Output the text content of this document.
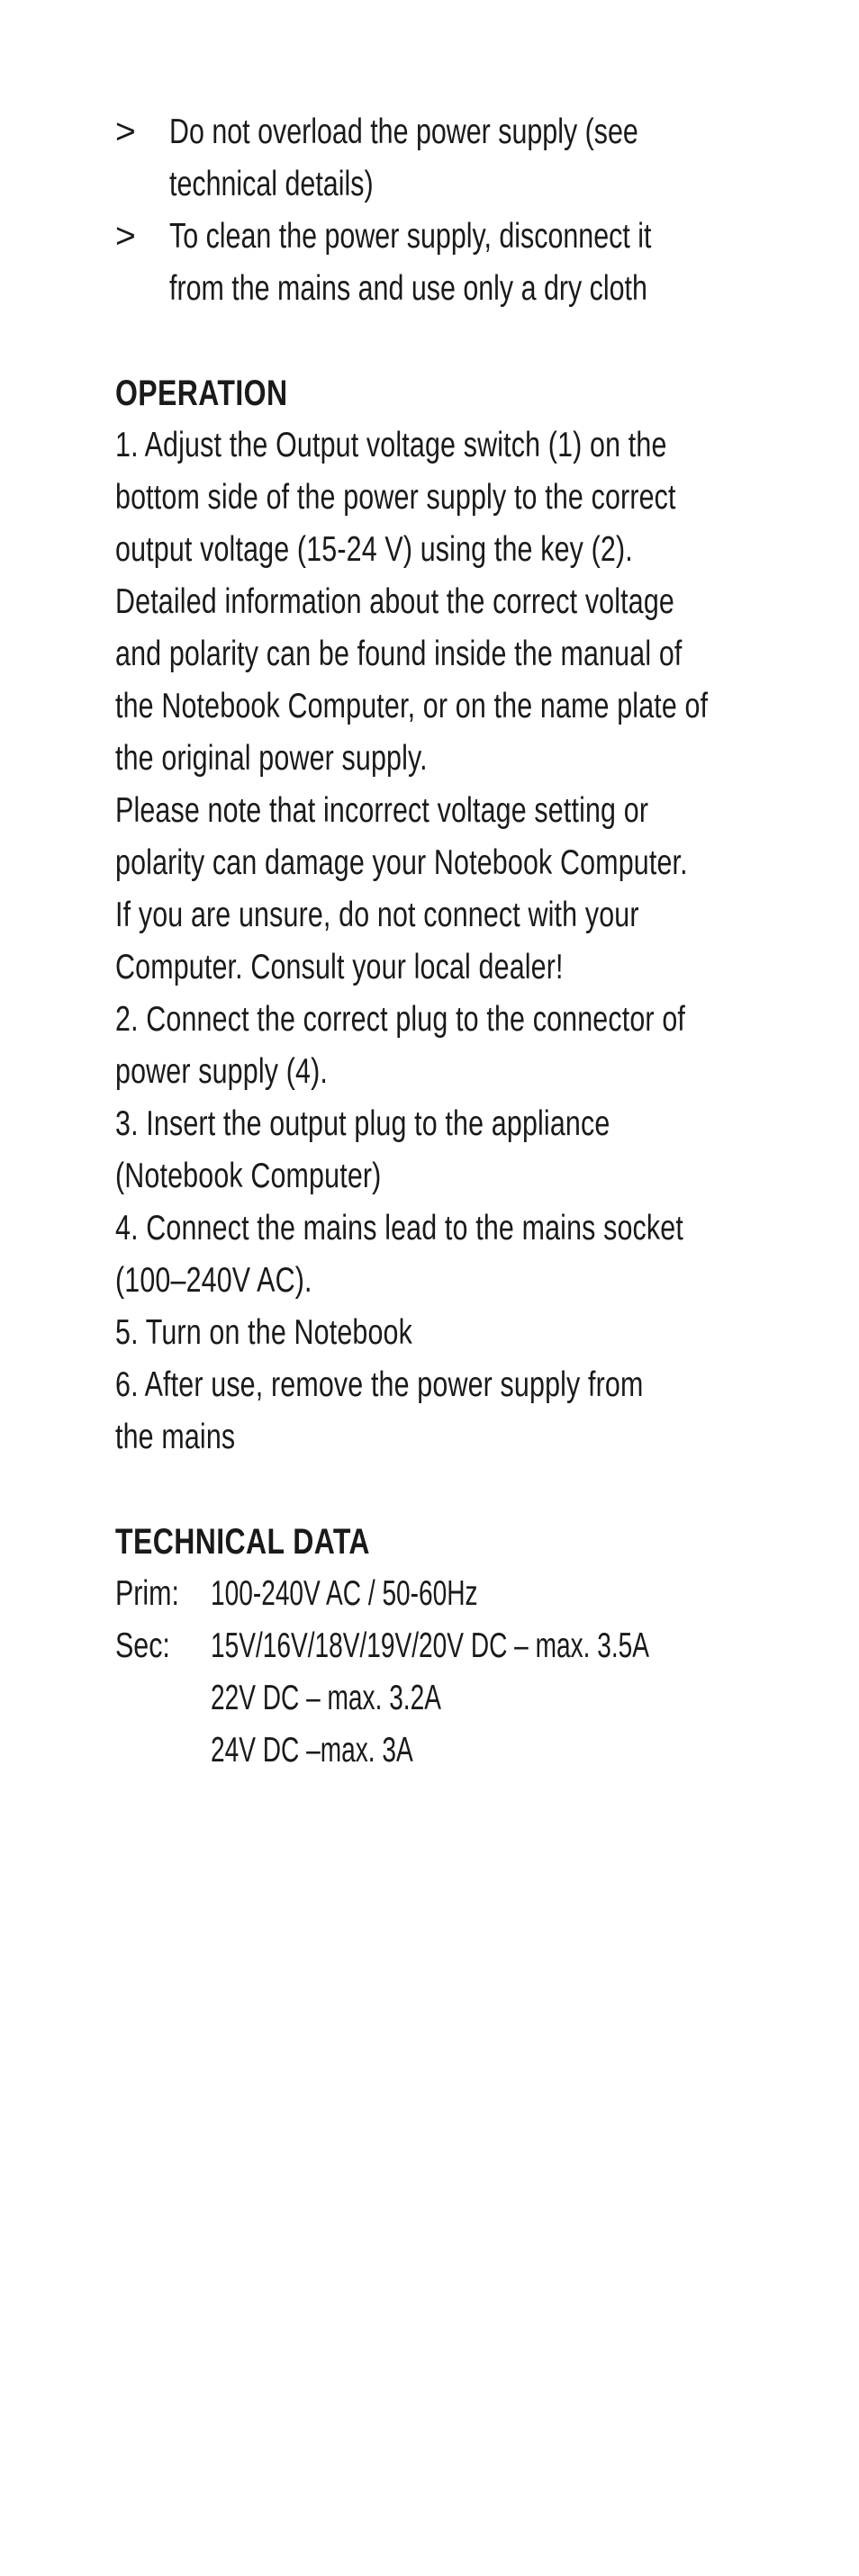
> Do not overload the power supply (see
technical details)
> To clean the power supply, disconnect it
from the mains and use only a dry cloth
OPERATION
1. Adjust the Output voltage switch (1) on the
bottom side of the power supply to the correct
output voltage (15-24 V) using the key (2).
Detailed information about the correct voltage
and polarity can be found inside the manual of
the Notebook Computer, or on the name plate of
the original power supply.
Please note that incorrect voltage setting or
polarity can damage your Notebook Computer.
If you are unsure, do not connect with your
Computer. Consult your local dealer!
2. Connect the correct plug to the connector of
power supply (4).
3. Insert the output plug to the appliance
(Notebook Computer)
4. Connect the mains lead to the mains socket
(100–240V AC).
5. Turn on the Notebook
6. After use, remove the power supply from
the mains
TECHNICAL DATA
Prim: 100-240V AC / 50-60Hz
Sec: 15V/16V/18V/19V/20V DC – max. 3.5A
22V DC – max. 3.2A
24V DC –max. 3A
